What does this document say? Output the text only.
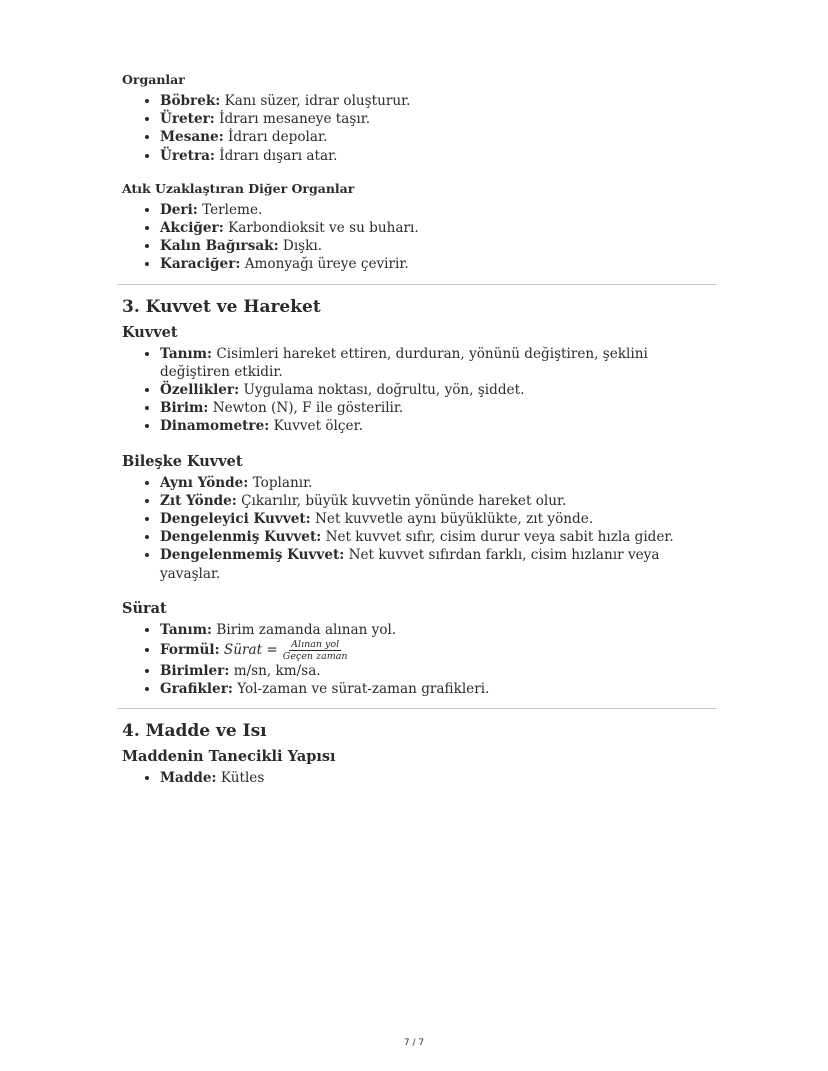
Organlar
• Böbrek: Kanı süzer, idrar oluşturur.
• Üreter: İdrarı mesaneye taşır.
• Mesane: İdrarı depolar.
• Üretra: İdrarı dışarı atar.
Atık Uzaklaştıran Diğer Organlar
• Deri: Terleme.
• Akciğer: Karbondioksit ve su buharı.
• Kalın Bağırsak: Dışkı.
• Karaciğer: Amonyağı üreye çevirir.
3. Kuvvet ve Hareket
Kuvvet
• Tanım: Cisimleri hareket ettiren, durduran, yönünü değiştiren, şeklini değiştiren etkidir.
• Özellikler: Uygulama noktası, doğrultu, yön, şiddet.
• Birim: Newton (N), F ile gösterilir.
• Dinamometre: Kuvvet ölçer.
Bileşke Kuvvet
• Aynı Yönde: Toplanır.
• Zıt Yönde: Çıkarılır, büyük kuvvetin yönünde hareket olur.
• Dengeleyici Kuvvet: Net kuvvetle aynı büyüklükte, zıt yönde.
• Dengelenmiş Kuvvet: Net kuvvet sıfır, cisim durur veya sabit hızla gider.
• Dengelenmemiş Kuvvet: Net kuvvet sıfırdan farklı, cisim hızlanır veya yavaşlar.
Sürat
• Tanım: Birim zamanda alınan yol.
• Formül: Sürat = $\frac{\text{Alınan yol}}{\text{Geçen zaman}}$
• Birimler: m/sn, km/sa.
• Grafikler: Yol-zaman ve sürat-zaman grafikleri.
4. Madde ve Isı
Maddenin Tanecikli Yapısı
• Madde: Kütles
7 / 7
